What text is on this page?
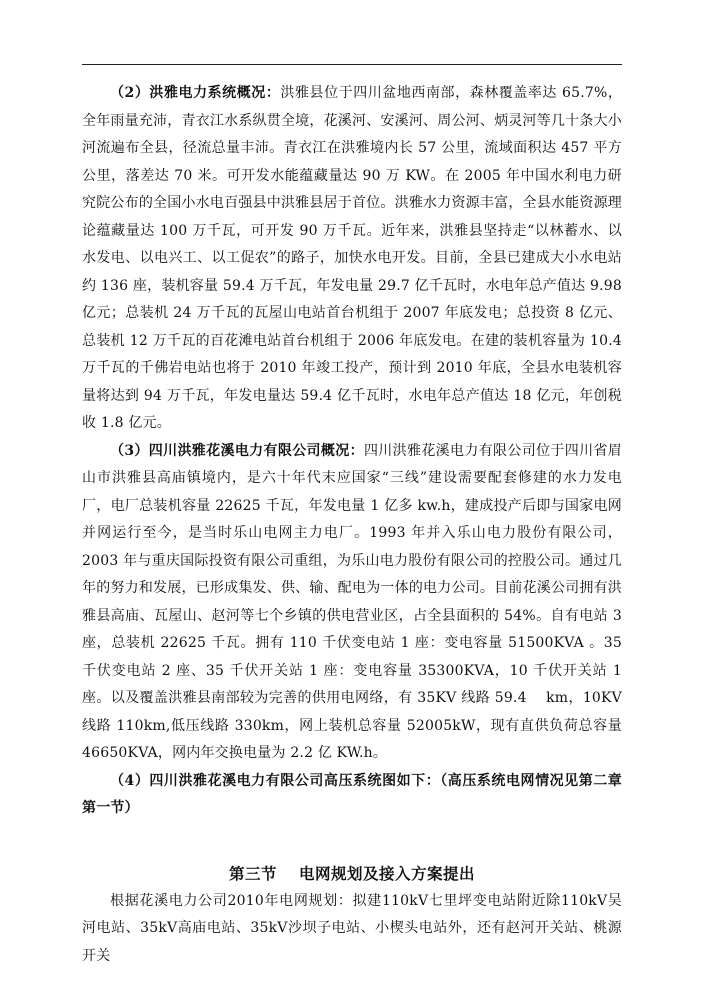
（2）洪雅电力系统概况：洪雅县位于四川盆地西南部，森林覆盖率达 65.7%，全年雨量充沛，青衣江水系纵贯全境，花溪河、安溪河、周公河、炳灵河等几十条大小河流遍布全县，径流总量丰沛。青衣江在洪雅境内长 57 公里，流域面积达 457 平方公里，落差达 70 米。可开发水能蕴藏量达 90 万 KW。在 2005 年中国水利电力研究院公布的全国小水电百强县中洪雅县居于首位。洪雅水力资源丰富，全县水能资源理论蕴藏量达 100 万千瓦，可开发 90 万千瓦。近年来，洪雅县坚持走“以林蓄水、以水发电、以电兴工、以工促农”的路子，加快水电开发。目前，全县已建成大小水电站约 136 座，装机容量 59.4 万千瓦，年发电量 29.7 亿千瓦时，水电年总产值达 9.98 亿元；总装机 24 万千瓦的瓦屋山电站首台机组于 2007 年底发电；总投资 8 亿元、总装机 12 万千瓦的百花滩电站首台机组于 2006 年底发电。在建的装机容量为 10.4 万千瓦的千佛岩电站也将于 2010 年竣工投产，预计到 2010 年底，全县水电装机容量将达到 94 万千瓦，年发电量达 59.4 亿千瓦时，水电年总产值达 18 亿元，年创税收 1.8 亿元。

（3）四川洪雅花溪电力有限公司概况：四川洪雅花溪电力有限公司位于四川省眉山市洪雅县高庙镇境内，是六十年代末应国家“三线”建设需要配套修建的水力发电厂，电厂总装机容量 22625 千瓦，年发电量 1 亿多 kw.h，建成投产后即与国家电网并网运行至今，是当时乐山电网主力电厂。1993 年并入乐山电力股份有限公司，2003 年与重庆国际投资有限公司重组，为乐山电力股份有限公司的控股公司。通过几年的努力和发展，已形成集发、供、输、配电为一体的电力公司。目前花溪公司拥有洪雅县高庙、瓦屋山、赵河等七个乡镇的供电营业区，占全县面积的 54%。自有电站 3 座，总装机 22625 千瓦。拥有 110 千伏变电站 1 座：变电容量 51500KVA 。35 千伏变电站 2 座、35 千伏开关站 1 座：变电容量 35300KVA，10 千伏开关站 1 座。以及覆盖洪雅县南部较为完善的供用电网络，有 35KV 线路 59.4　 km，10KV 线路 110km,低压线路 330km，网上装机总容量 52005kW，现有直供负荷总容量 46650KVA，网内年交换电量为 2.2 亿 KW.h。

（4）四川洪雅花溪电力有限公司高压系统图如下：（高压系统电网情况见第二章第一节）

第三节 电网规划及接入方案提出

根据花溪电力公司2010年电网规划：拟建110kV七里坪变电站附近除110kV吴河电站、35kV高庙电站、35kV沙坝子电站、小楔头电站外，还有赵河开关站、桃源开关
